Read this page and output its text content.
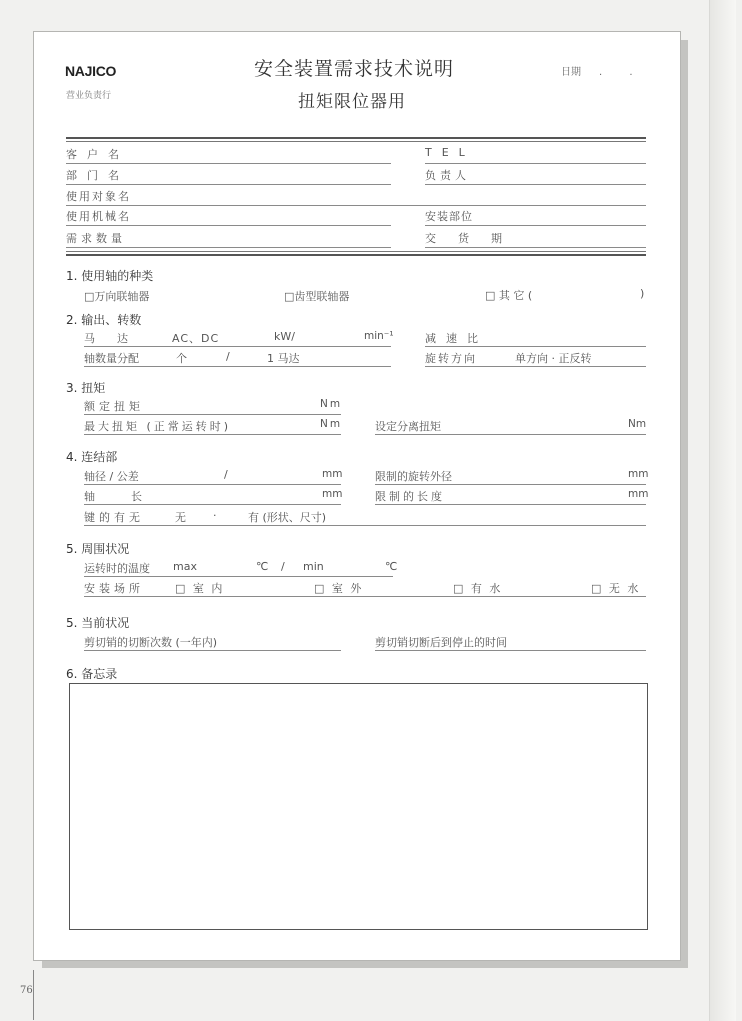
NAJICO
营业负责行
安全装置需求技术说明
扭矩限位器用
日期 . .
客户名	TEL
部门名	负责人
使用对象名
使用机械名	安装部位
需求数量	交货期
1. 使用轴的种类
□万向联轴器	□齿型联轴器	□ 其 它 (	)
2. 输出、转数
马达 AC、DC	kW/	min⁻¹	减速比
轴数量分配	个	/	1 马达	旋转方向	单方向 · 正反转
3. 扭矩
额定扭矩	Nm
最大扭矩 (正常运转时)	Nm	设定分离扭矩	Nm
4. 连结部
轴径 / 公差	/	mm	限制的旋转外径	mm
轴长	mm	限制的长度	mm
键的有无	无 ·	有 (形状、尺寸)
5. 周围状况
运转时的温度 max	℃ / min	℃
安装场所	□ 室 内	□ 室 外	□ 有 水	□ 无 水
5. 当前状况
剪切销的切断次数 (一年内)	剪切销切断后到停止的时间
6. 备忘录
76
